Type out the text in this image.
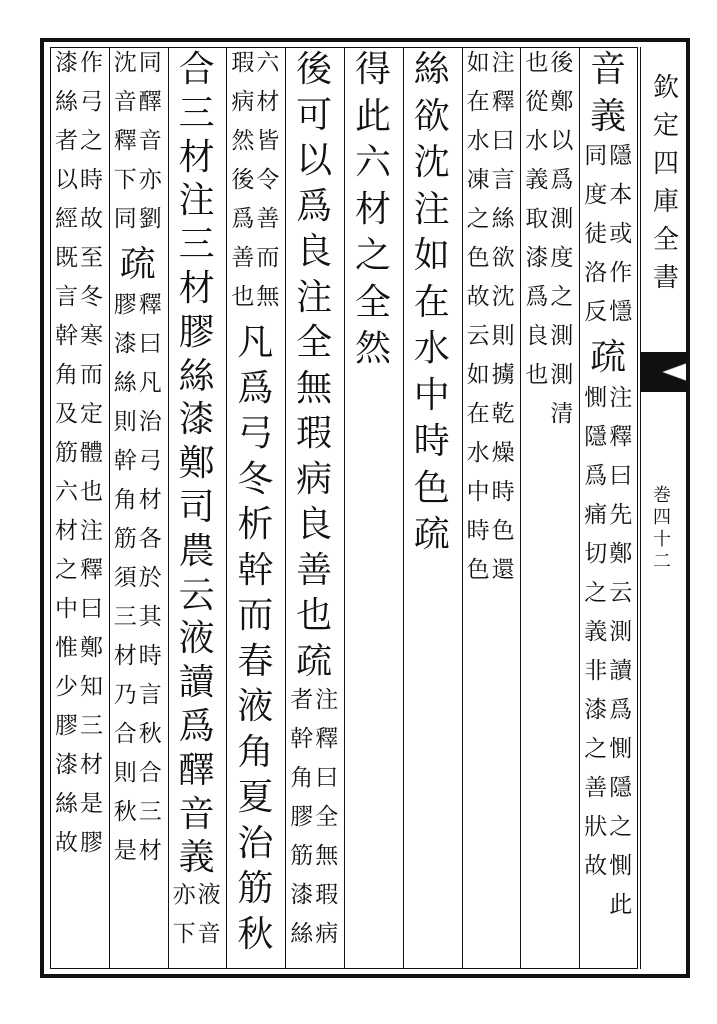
欽
定
四
庫
全
書
巻
四
十
二
音
義
同
度
徒
洛
反
隱
本
或
作
懚
疏
惻
隱
爲
痛
切
之
義
非
漆
之
善
狀
故
注
釋
曰
先
鄭
云
測
讀
爲
惻
隱
之
惻
此
也
從
水
義
取
漆
爲
良
也
後
鄭
以
爲
測
度
之
測
測
清
如
在
水
凍
之
色
故
云
如
在
水
中
時
色
注
釋
曰
言
絲
欲
沈
則
擄
乾
燥
時
色
還
絲
欲
沈
注
如
在
水
中
時
色
疏
得
此
六
材
之
全
然
後
可
以
爲
良
注
全
無
瑕
病
良
善
也
疏
者
幹
角
膠
筋
漆
絲
注
釋
曰
全
無
瑕
病
瑕
病
然
後
爲
善
也
六
材
皆
令
善
而
無
凡
爲
弓
冬
析
幹
而
春
液
角
夏
治
筋
秋
合
三
材
注
三
材
膠
絲
漆
鄭
司
農
云
液
讀
爲
醳
音
義
亦
下
液
音
沈
音
釋
下
同
同
醳
音
亦
劉
疏
膠
漆
絲
則
幹
角
筋
須
三
材
乃
合
則
秋
是
釋
曰
凡
治
弓
材
各
於
其
時
言
秋
合
三
材
漆
絲
者
以
經
既
言
幹
角
及
筋
六
材
之
中
惟
少
膠
漆
絲
故
作
弓
之
時
故
至
冬
寒
而
定
體
也
注
釋
曰
鄭
知
三
材
是
膠
